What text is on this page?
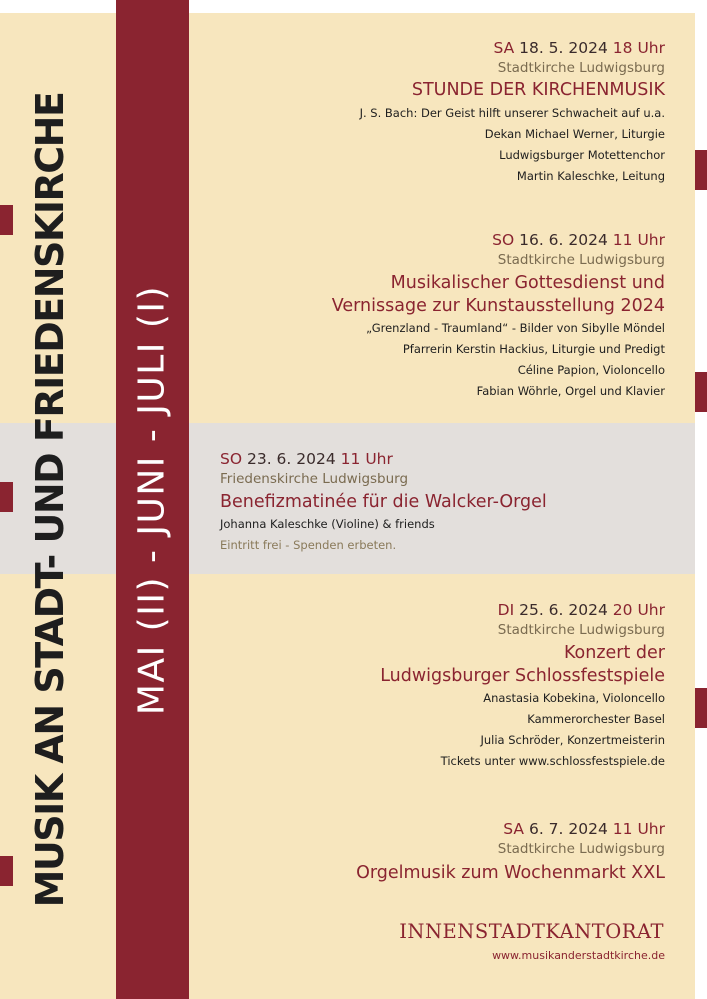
MUSIK AN STADT- UND FRIEDENSKIRCHE MAI (II) - JUNI - JULI (I)
SA 18. 5. 2024 18 Uhr
Stadtkirche Ludwigsburg
STUNDE DER KIRCHENMUSIK
J. S. Bach: Der Geist hilft unserer Schwacheit auf u.a.
Dekan Michael Werner, Liturgie
Ludwigsburger Motettenchor
Martin Kaleschke, Leitung
SO 16. 6. 2024 11 Uhr
Stadtkirche Ludwigsburg
Musikalischer Gottesdienst und
Vernissage zur Kunstausstellung 2024
„Grenzland - Traumland“ - Bilder von Sibylle Möndel
Pfarrerin Kerstin Hackius, Liturgie und Predigt
Céline Papion, Violoncello
Fabian Wöhrle, Orgel und Klavier
SO 23. 6. 2024 11 Uhr
Friedenskirche Ludwigsburg
Benefizmatinée für die Walcker-Orgel
Johanna Kaleschke (Violine) & friends
Eintritt frei - Spenden erbeten.
DI 25. 6. 2024 20 Uhr
Stadtkirche Ludwigsburg
Konzert der
Ludwigsburger Schlossfestspiele
Anastasia Kobekina, Violoncello
Kammerorchester Basel
Julia Schröder, Konzertmeisterin
Tickets unter www.schlossfestspiele.de
SA 6. 7. 2024 11 Uhr
Stadtkirche Ludwigsburg
Orgelmusik zum Wochenmarkt XXL
INNENSTADTKANTORAT
www.musikanderstadtkirche.de
